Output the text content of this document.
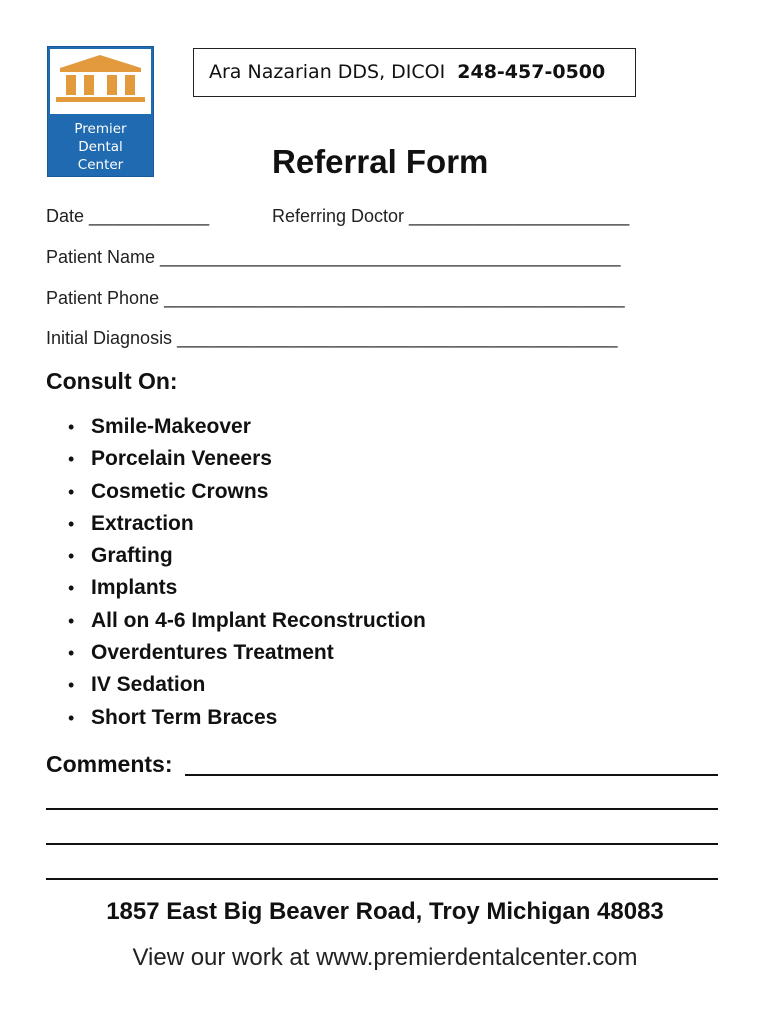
Premier
Dental
Center
Ara Nazarian DDS, DICOI 248-457-0500
Referral Form
Date ____________	Referring Doctor ______________________
Patient Name ______________________________________________
Patient Phone ______________________________________________
Initial Diagnosis ____________________________________________
Consult On:
• Smile-Makeover
• Porcelain Veneers
• Cosmetic Crowns
• Extraction
• Grafting
• Implants
• All on 4-6 Implant Reconstruction
• Overdentures Treatment
• IV Sedation
• Short Term Braces
Comments:
1857 East Big Beaver Road, Troy Michigan 48083
View our work at www.premierdentalcenter.com
